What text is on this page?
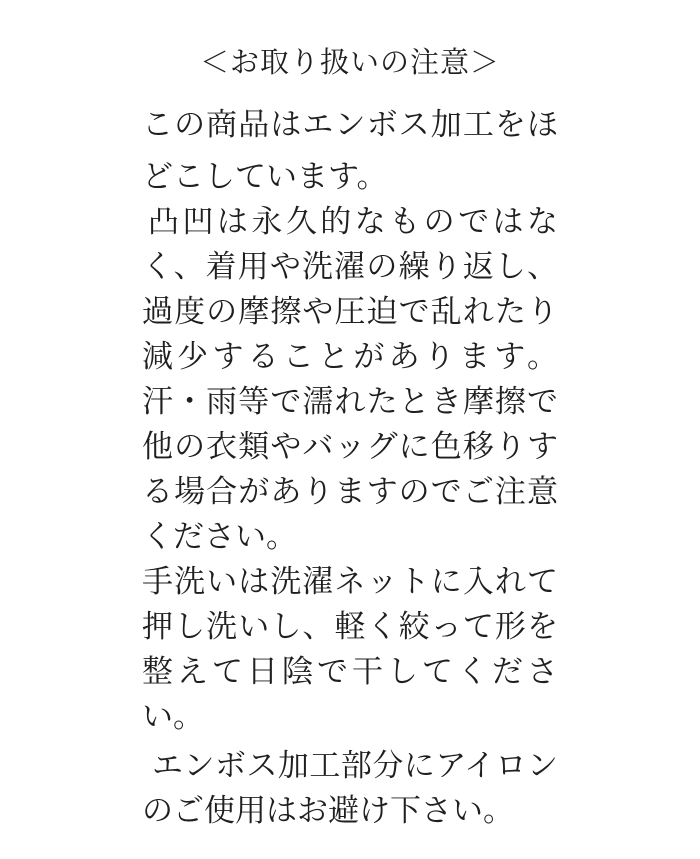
＜お取り扱いの注意＞
この商品はエンボス加工をほ
どこしています。
凸凹は永久的なものではな
く、着用や洗濯の繰り返し、
過度の摩擦や圧迫で乱れたり
減少することがあります。
汗・雨等で濡れたとき摩擦で
他の衣類やバッグに色移りす
る場合がありますのでご注意
ください。
手洗いは洗濯ネットに入れて
押し洗いし、軽く絞って形を
整えて日陰で干してくださ
い。
エンボス加工部分にアイロン
のご使用はお避け下さい。
